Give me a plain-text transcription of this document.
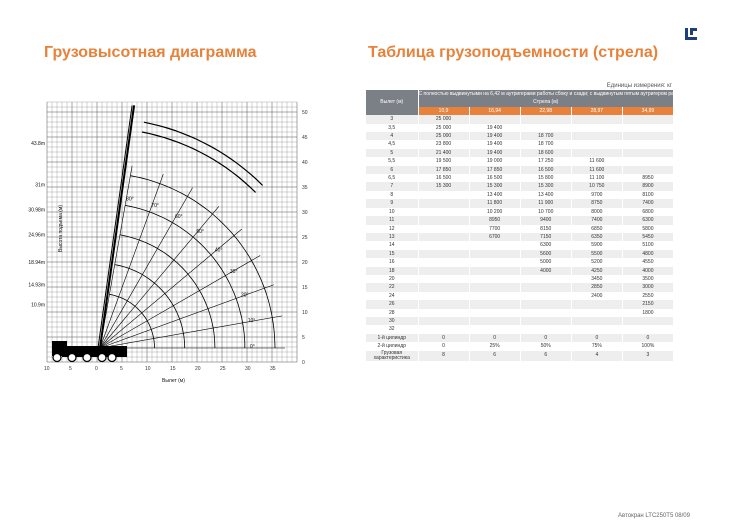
Грузовысотная диаграмма	Таблица грузоподъемности (стрела)
Единицы измерения: кг
0
5
10
15
20
25
30
35
40
45
50
0	5	10	15	20	25	30	35
10	5
Вылет (м)
Высота подъема (м)
43.8m
31m
30.98m
24.96m
18.94m
14.93m
10.9m
80°
70°
60°
50°
40°
30°
20°
10°
0°
Вылет (м)	С полностью выдвинутыми на 6,42 м аутригерами работы сбоку и сзади; с выдвинутым пятым аутригером работы в любых направлениях				
	Стрела (м)				
	10,9	16,94	22,98	28,97	34,99
3	25 000				
3,5	25 000	19 400			
4	25 000	19 400	18 700		
4,5	23 800	19 400	18 700		
5	21 400	19 400	18 600		
5,5	19 500	19 000	17 250	11 600	
6	17 850	17 850	16 500	11 600	
6,5	16 500	16 500	15 800	11 100	8950
7	15 300	15 300	15 300	10 750	8900
8		13 400	13 400	9700	8100
9		11 800	11 900	8750	7400
10		10 200	10 700	8000	6800
11		8950	9400	7400	6300
12		7700	8150	6850	5800
13		6700	7150	6350	5450
14			6300	5900	5100
15			5600	5500	4800
16			5000	5200	4550
18			4000	4250	4000
20				3450	3500
22				2850	3000
24				2400	2550
26					2150
28					1800
30					
32					
1-й цилиндр	0	0	0	0	0
2-й цилиндр	0	25%	50%	75%	100%
Грузовая характеристика	8	6	6	4	3
Автокран LTC250T5 08/09
